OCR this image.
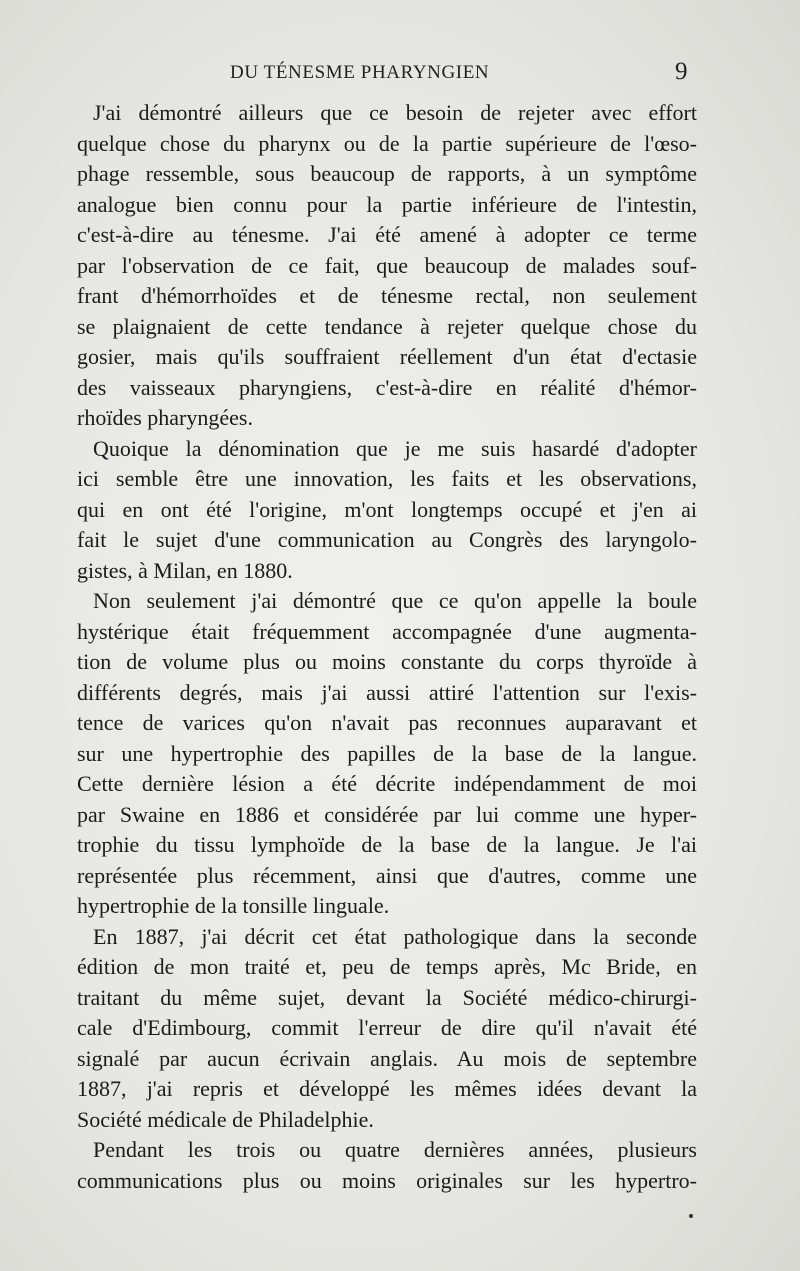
DU TÉNESME PHARYNGIEN	9
J'ai démontré ailleurs que ce besoin de rejeter avec effort
quelque chose du pharynx ou de la partie supérieure de l'œso-
phage ressemble, sous beaucoup de rapports, à un symptôme
analogue bien connu pour la partie inférieure de l'intestin,
c'est-à-dire au ténesme. J'ai été amené à adopter ce terme
par l'observation de ce fait, que beaucoup de malades souf-
frant d'hémorrhoïdes et de ténesme rectal, non seulement
se plaignaient de cette tendance à rejeter quelque chose du
gosier, mais qu'ils souffraient réellement d'un état d'ectasie
des vaisseaux pharyngiens, c'est-à-dire en réalité d'hémor-
rhoïdes pharyngées.
Quoique la dénomination que je me suis hasardé d'adopter
ici semble être une innovation, les faits et les observations,
qui en ont été l'origine, m'ont longtemps occupé et j'en ai
fait le sujet d'une communication au Congrès des laryngolo-
gistes, à Milan, en 1880.
Non seulement j'ai démontré que ce qu'on appelle la boule
hystérique était fréquemment accompagnée d'une augmenta-
tion de volume plus ou moins constante du corps thyroïde à
différents degrés, mais j'ai aussi attiré l'attention sur l'exis-
tence de varices qu'on n'avait pas reconnues auparavant et
sur une hypertrophie des papilles de la base de la langue.
Cette dernière lésion a été décrite indépendamment de moi
par Swaine en 1886 et considérée par lui comme une hyper-
trophie du tissu lymphoïde de la base de la langue. Je l'ai
représentée plus récemment, ainsi que d'autres, comme une
hypertrophie de la tonsille linguale.
En 1887, j'ai décrit cet état pathologique dans la seconde
édition de mon traité et, peu de temps après, Mc Bride, en
traitant du même sujet, devant la Société médico-chirurgi-
cale d'Edimbourg, commit l'erreur de dire qu'il n'avait été
signalé par aucun écrivain anglais. Au mois de septembre
1887, j'ai repris et développé les mêmes idées devant la
Société médicale de Philadelphie.
Pendant les trois ou quatre dernières années, plusieurs
communications plus ou moins originales sur les hypertro-
